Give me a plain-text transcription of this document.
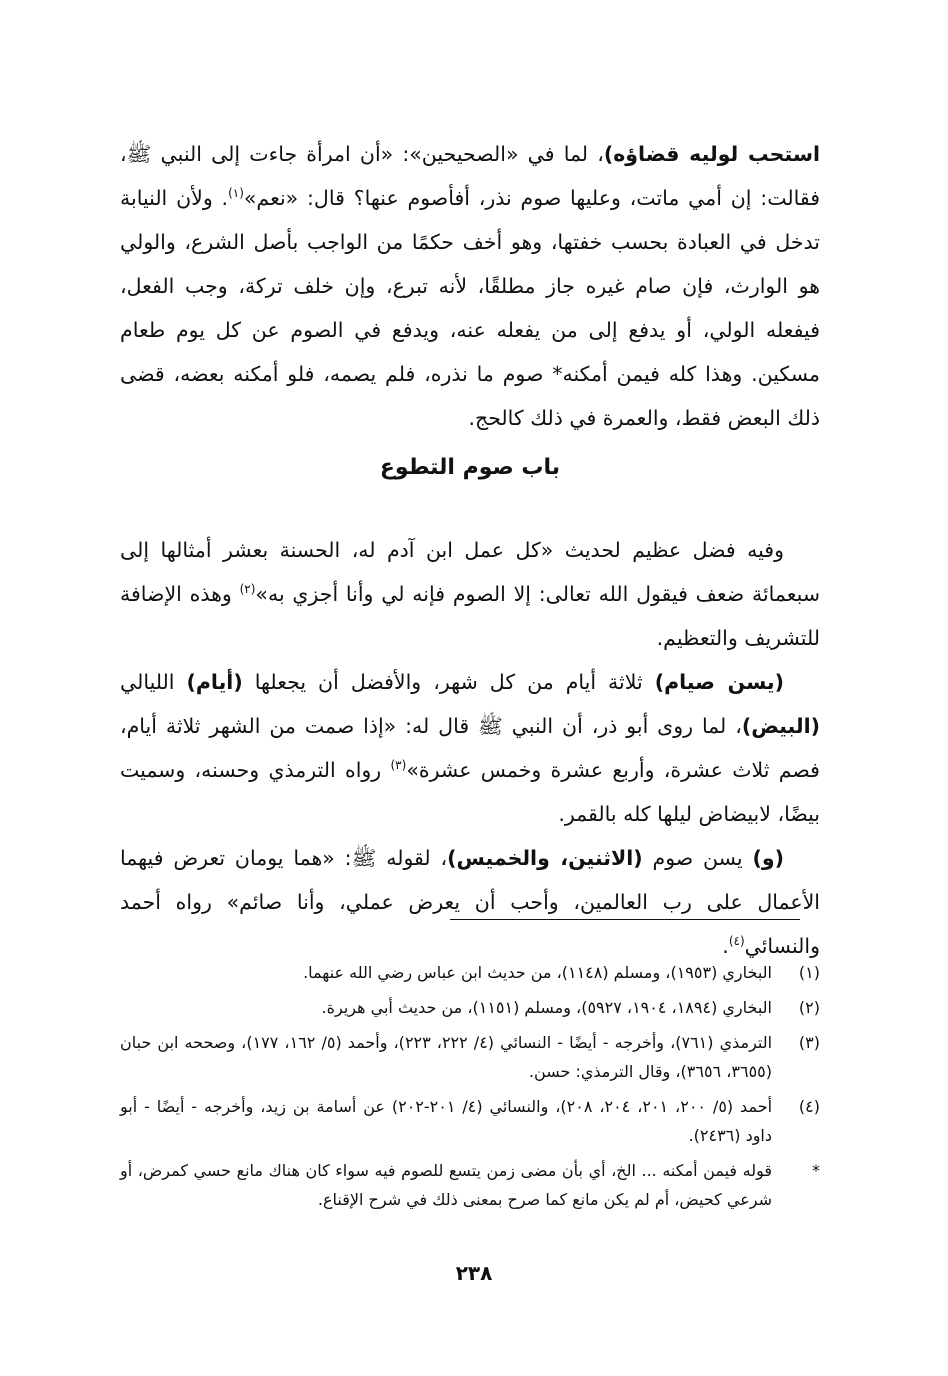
استحب لوليه قضاؤه)، لما في «الصحيحين»: «أن امرأة جاءت إلى النبي ﷺ، فقالت: إن أمي ماتت، وعليها صوم نذر، أفأصوم عنها؟ قال: «نعم»$^{(١)}$. ولأن النيابة تدخل في العبادة بحسب خفتها، وهو أخف حكمًا من الواجب بأصل الشرع، والولي هو الوارث، فإن صام غيره جاز مطلقًا، لأنه تبرع، وإن خلف تركة، وجب الفعل، فيفعله الولي، أو يدفع إلى من يفعله عنه، ويدفع في الصوم عن كل يوم طعام مسكين. وهذا كله فيمن أمكنه* صوم ما نذره، فلم يصمه، فلو أمكنه بعضه، قضى ذلك البعض فقط، والعمرة في ذلك كالحج.

باب صوم التطوع

وفيه فضل عظيم لحديث «كل عمل ابن آدم له، الحسنة بعشر أمثالها إلى سبعمائة ضعف فيقول الله تعالى: إلا الصوم فإنه لي وأنا أجزي به»$^{(٢)}$ وهذه الإضافة للتشريف والتعظيم.

(يسن صيام) ثلاثة أيام من كل شهر، والأفضل أن يجعلها (أيام) الليالي (البيض)، لما روى أبو ذر، أن النبي ﷺ قال له: «إذا صمت من الشهر ثلاثة أيام، فصم ثلاث عشرة، وأربع عشرة وخمس عشرة»$^{(٣)}$ رواه الترمذي وحسنه، وسميت بيضًا، لابيضاض ليلها كله بالقمر.

(و) يسن صوم (الاثنين، والخميس)، لقوله ﷺ: «هما يومان تعرض فيهما الأعمال على رب العالمين، وأحب أن يعرض عملي، وأنا صائم» رواه أحمد والنسائي$^{(٤)}$.

(١)
البخاري (١٩٥٣)، ومسلم (١١٤٨)، من حديث ابن عباس رضي الله عنهما.
(٢)
البخاري (١٨٩٤، ١٩٠٤، ٥٩٢٧)، ومسلم (١١٥١)، من حديث أبي هريرة.
(٣)
الترمذي (٧٦١)، وأخرجه - أيضًا - النسائي (٤/ ٢٢٢، ٢٢٣)، وأحمد (٥/ ١٦٢، ١٧٧)، وصححه ابن حبان (٣٦٥٥، ٣٦٥٦)، وقال الترمذي: حسن.
(٤)
أحمد (٥/ ٢٠٠، ٢٠١، ٢٠٤، ٢٠٨)، والنسائي (٤/ ٢٠١-٢٠٢) عن أسامة بن زيد، وأخرجه - أيضًا - أبو داود (٢٤٣٦).
*
قوله فيمن أمكنه ... الخ، أي بأن مضى زمن يتسع للصوم فيه سواء كان هناك مانع حسي كمرض، أو شرعي كحيض، أم لم يكن مانع كما صرح بمعنى ذلك في شرح الإقناع.
٢٣٨
